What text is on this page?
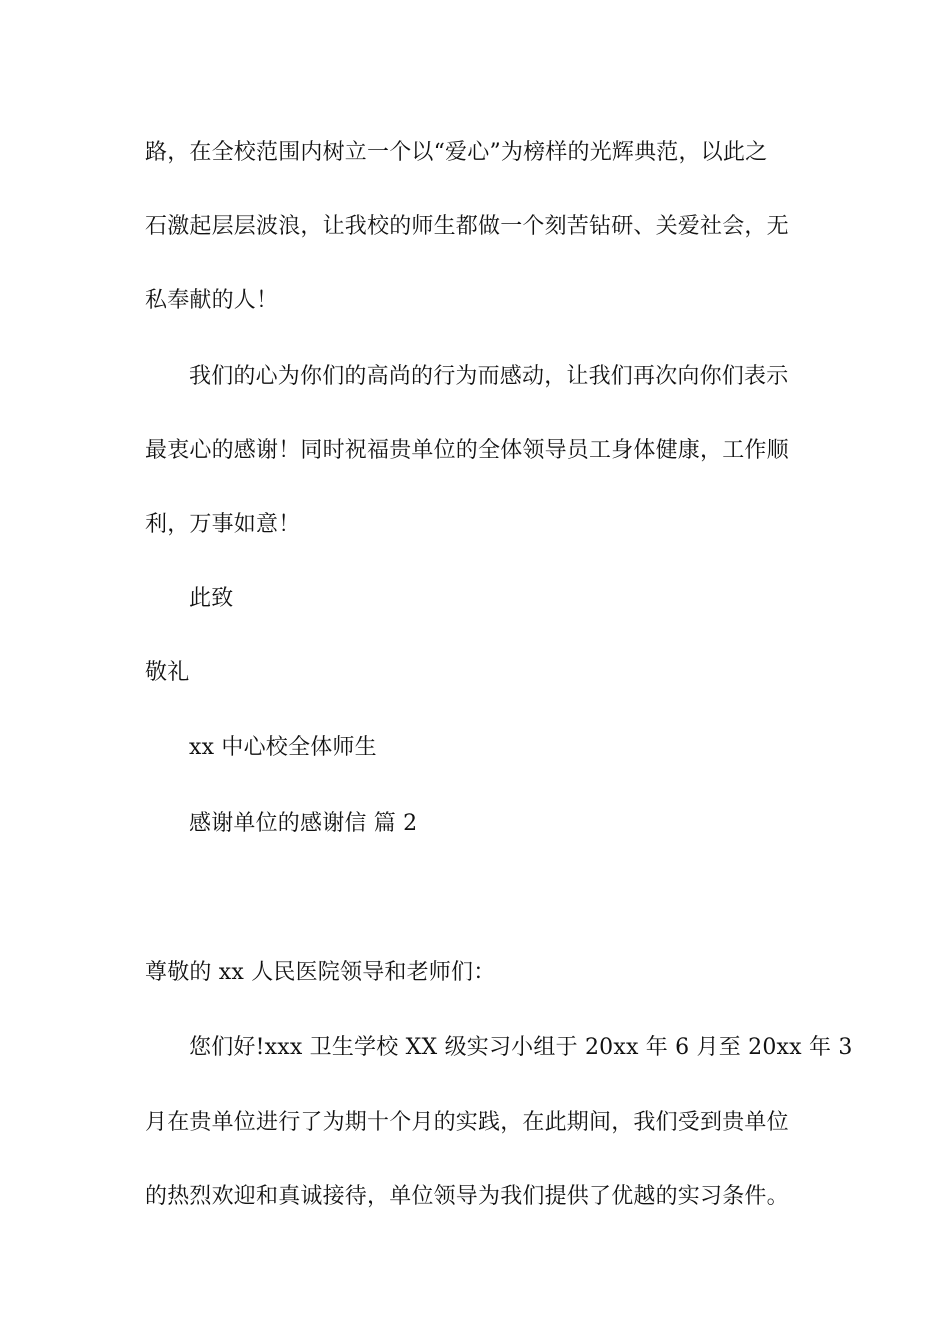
路，在全校范围内树立一个以“爱心”为榜样的光辉典范，以此之
石激起层层波浪，让我校的师生都做一个刻苦钻研、关爱社会，无
私奉献的人！
我们的心为你们的高尚的行为而感动，让我们再次向你们表示
最衷心的感谢！同时祝福贵单位的全体领导员工身体健康，工作顺
利，万事如意！
此致
敬礼
xx 中心校全体师生
感谢单位的感谢信 篇 2
尊敬的 xx 人民医院领导和老师们：
您们好!xxx 卫生学校 XX 级实习小组于 20xx 年 6 月至 20xx 年 3
月在贵单位进行了为期十个月的实践，在此期间，我们受到贵单位
的热烈欢迎和真诚接待，单位领导为我们提供了优越的实习条件。
